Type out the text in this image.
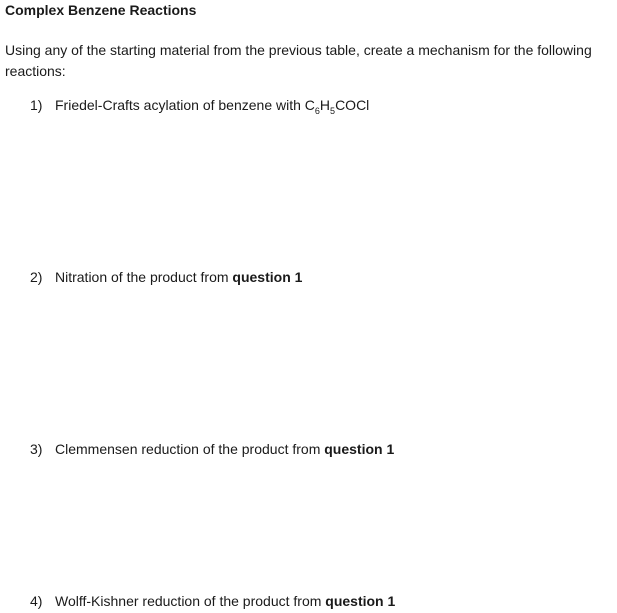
Complex Benzene Reactions
Using any of the starting material from the previous table, create a mechanism for the following reactions:
1) Friedel-Crafts acylation of benzene with $C_6H_5COCl$
2) Nitration of the product from question 1
3) Clemmensen reduction of the product from question 1
4) Wolff-Kishner reduction of the product from question 1
